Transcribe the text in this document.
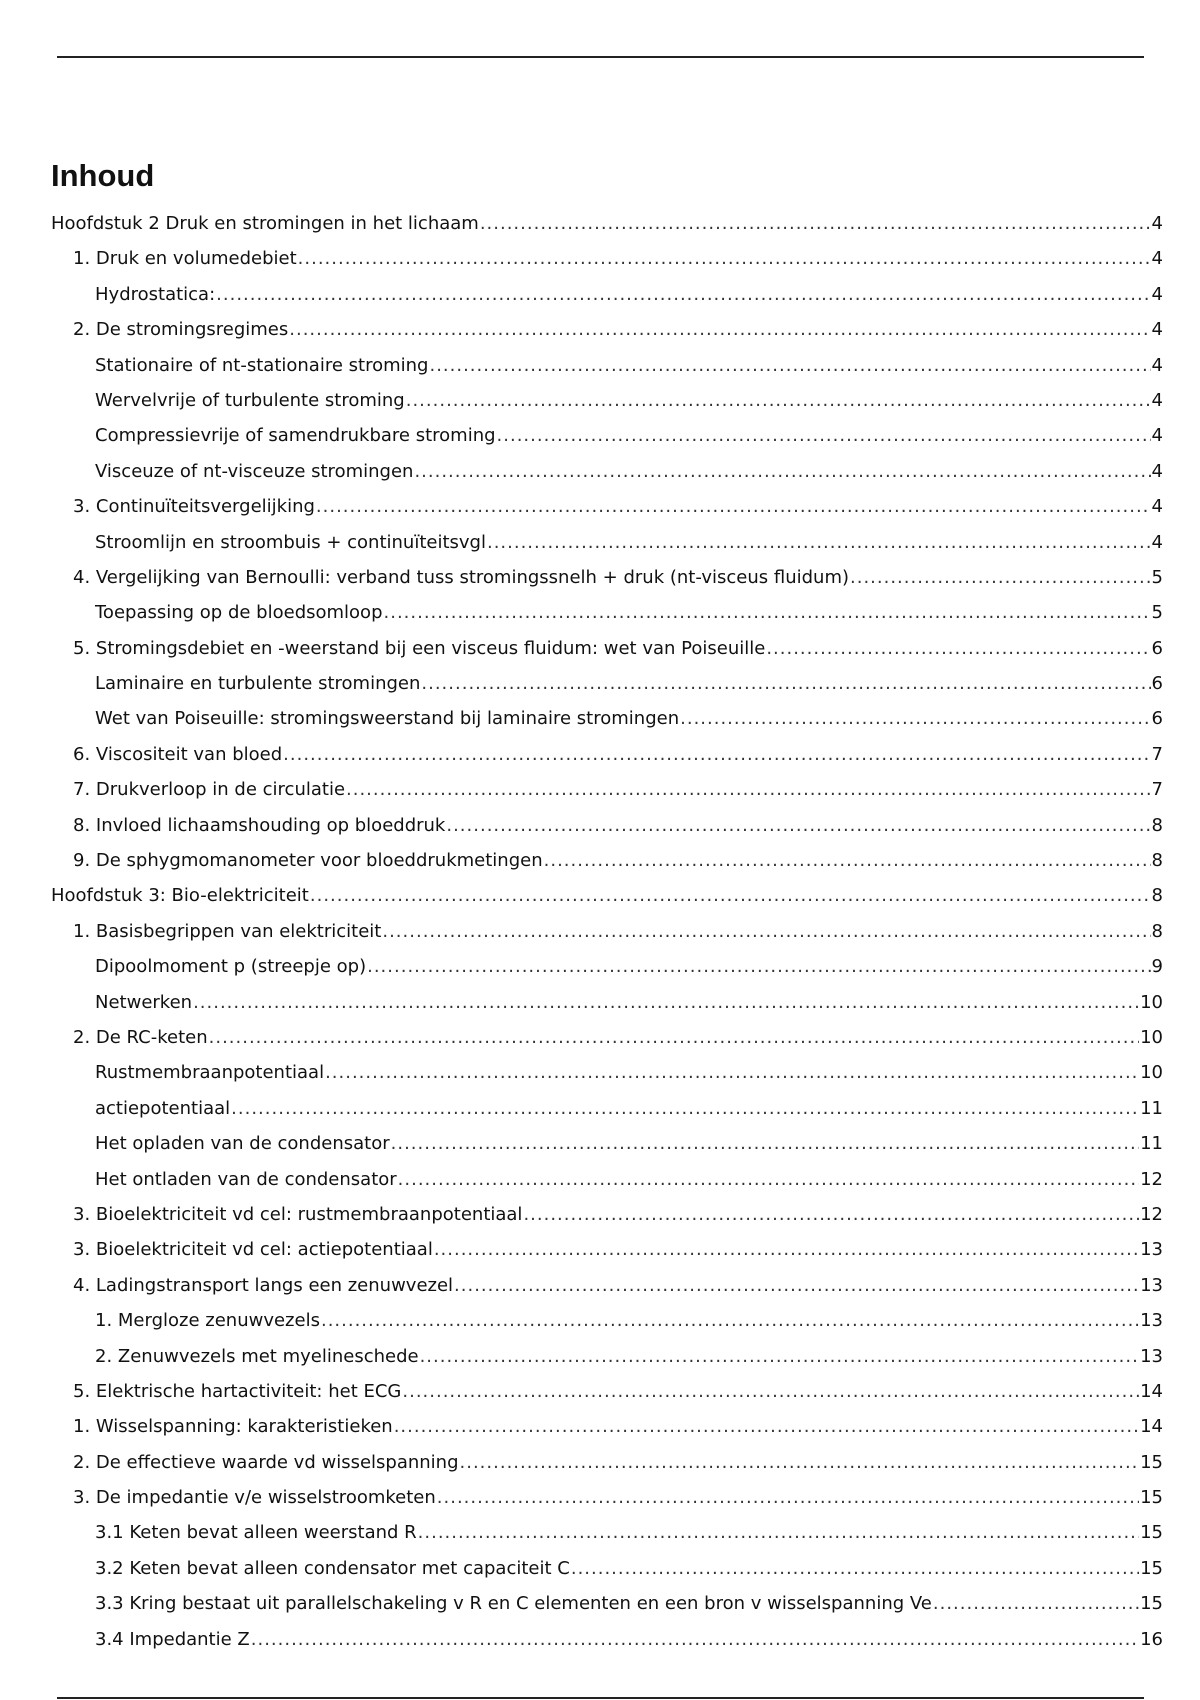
Inhoud
Hoofdstuk 2 Druk en stromingen in het lichaam .....	4
1. Druk en volumedebiet .....	4
Hydrostatica: .....	4
2. De stromingsregimes .....	4
Stationaire of nt-stationaire stroming .....	4
Wervelvrije of turbulente stroming .....	4
Compressievrije of samendrukbare stroming .....	4
Visceuze of nt-visceuze stromingen .....	4
3. Continuïteitsvergelijking .....	4
Stroomlijn en stroombuis + continuïteitsvgl .....	4
4. Vergelijking van Bernoulli: verband tuss stromingssnelh + druk (nt-visceus fluidum) .....	5
Toepassing op de bloedsomloop .....	5
5. Stromingsdebiet en -weerstand bij een visceus fluidum: wet van Poiseuille .....	6
Laminaire en turbulente stromingen .....	6
Wet van Poiseuille: stromingsweerstand bij laminaire stromingen .....	6
6. Viscositeit van bloed .....	7
7. Drukverloop in de circulatie .....	7
8. Invloed lichaamshouding op bloeddruk .....	8
9. De sphygmomanometer voor bloeddrukmetingen .....	8
Hoofdstuk 3: Bio-elektriciteit .....	8
1. Basisbegrippen van elektriciteit .....	8
Dipoolmoment p (streepje op) .....	9
Netwerken .....	10
2. De RC-keten .....	10
Rustmembraanpotentiaal .....	10
actiepotentiaal .....	11
Het opladen van de condensator .....	11
Het ontladen van de condensator .....	12
3. Bioelektriciteit vd cel: rustmembraanpotentiaal .....	12
3. Bioelektriciteit vd cel: actiepotentiaal .....	13
4. Ladingstransport langs een zenuwvezel .....	13
1. Mergloze zenuwvezels .....	13
2. Zenuwvezels met myelineschede .....	13
5. Elektrische hartactiviteit: het ECG .....	14
1. Wisselspanning: karakteristieken .....	14
2. De effectieve waarde vd wisselspanning .....	15
3. De impedantie v/e wisselstroomketen .....	15
3.1 Keten bevat alleen weerstand R .....	15
3.2 Keten bevat alleen condensator met capaciteit C .....	15
3.3 Kring bestaat uit parallelschakeling v R en C elementen en een bron v wisselspanning Ve .....	15
3.4 Impedantie Z .....	16
